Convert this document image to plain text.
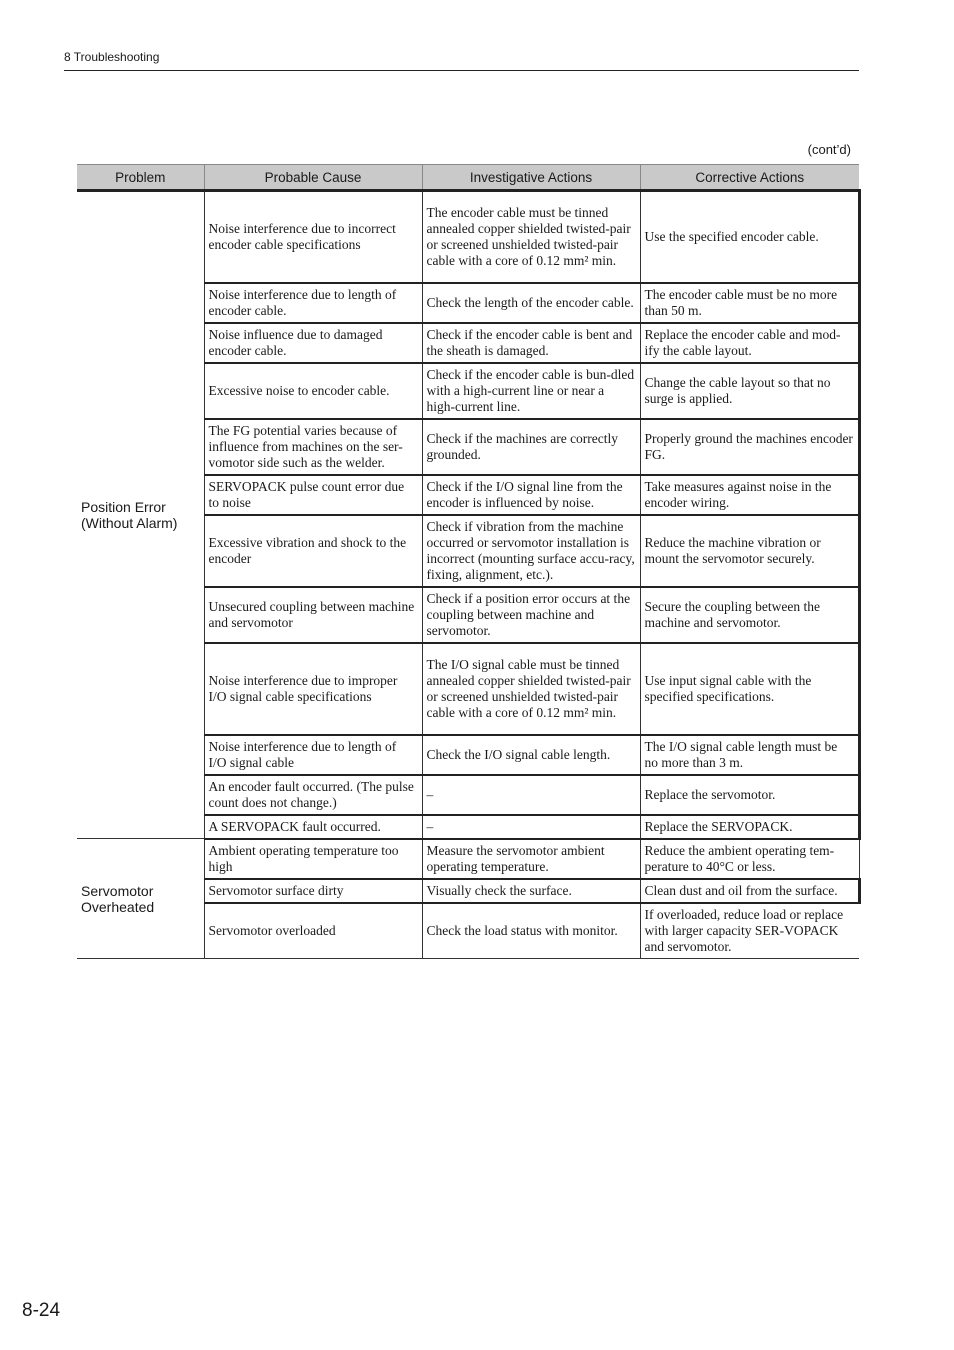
8 Troubleshooting
(cont’d)
Problem	Probable Cause	Investigative Actions	Corrective Actions
Position Error (Without Alarm)	Noise interference due to incorrect encoder cable specifications	The encoder cable must be tinned annealed copper shielded twisted-pair or screened unshielded twisted-pair cable with a core of 0.12 mm² min.	Use the specified encoder cable.
	Noise interference due to length of encoder cable.	Check the length of the encoder cable.	The encoder cable must be no more than 50 m.
	Noise influence due to damaged encoder cable.	Check if the encoder cable is bent and the sheath is damaged.	Replace the encoder cable and mod-ify the cable layout.
	Excessive noise to encoder cable.	Check if the encoder cable is bun-dled with a high-current line or near a high-current line.	Change the cable layout so that no surge is applied.
	The FG potential varies because of influence from machines on the ser-vomotor side such as the welder.	Check if the machines are correctly grounded.	Properly ground the machines encoder FG.
	SERVOPACK pulse count error due to noise	Check if the I/O signal line from the encoder is influenced by noise.	Take measures against noise in the encoder wiring.
	Excessive vibration and shock to the encoder	Check if vibration from the machine occurred or servomotor installation is incorrect (mounting surface accu-racy, fixing, alignment, etc.).	Reduce the machine vibration or mount the servomotor securely.
	Unsecured coupling between machine and servomotor	Check if a position error occurs at the coupling between machine and servomotor.	Secure the coupling between the machine and servomotor.
	Noise interference due to improper I/O signal cable specifications	The I/O signal cable must be tinned annealed copper shielded twisted-pair or screened unshielded twisted-pair cable with a core of 0.12 mm² min.	Use input signal cable with the specified specifications.
	Noise interference due to length of I/O signal cable	Check the I/O signal cable length.	The I/O signal cable length must be no more than 3 m.
	An encoder fault occurred. (The pulse count does not change.)	–	Replace the servomotor.
	A SERVOPACK fault occurred.	–	Replace the SERVOPACK.
Servomotor Overheated	Ambient operating temperature too high	Measure the servomotor ambient operating temperature.	Reduce the ambient operating tem-perature to 40°C or less.
	Servomotor surface dirty	Visually check the surface.	Clean dust and oil from the surface.
	Servomotor overloaded	Check the load status with monitor.	If overloaded, reduce load or replace with larger capacity SER-VOPACK and servomotor.
8-24
